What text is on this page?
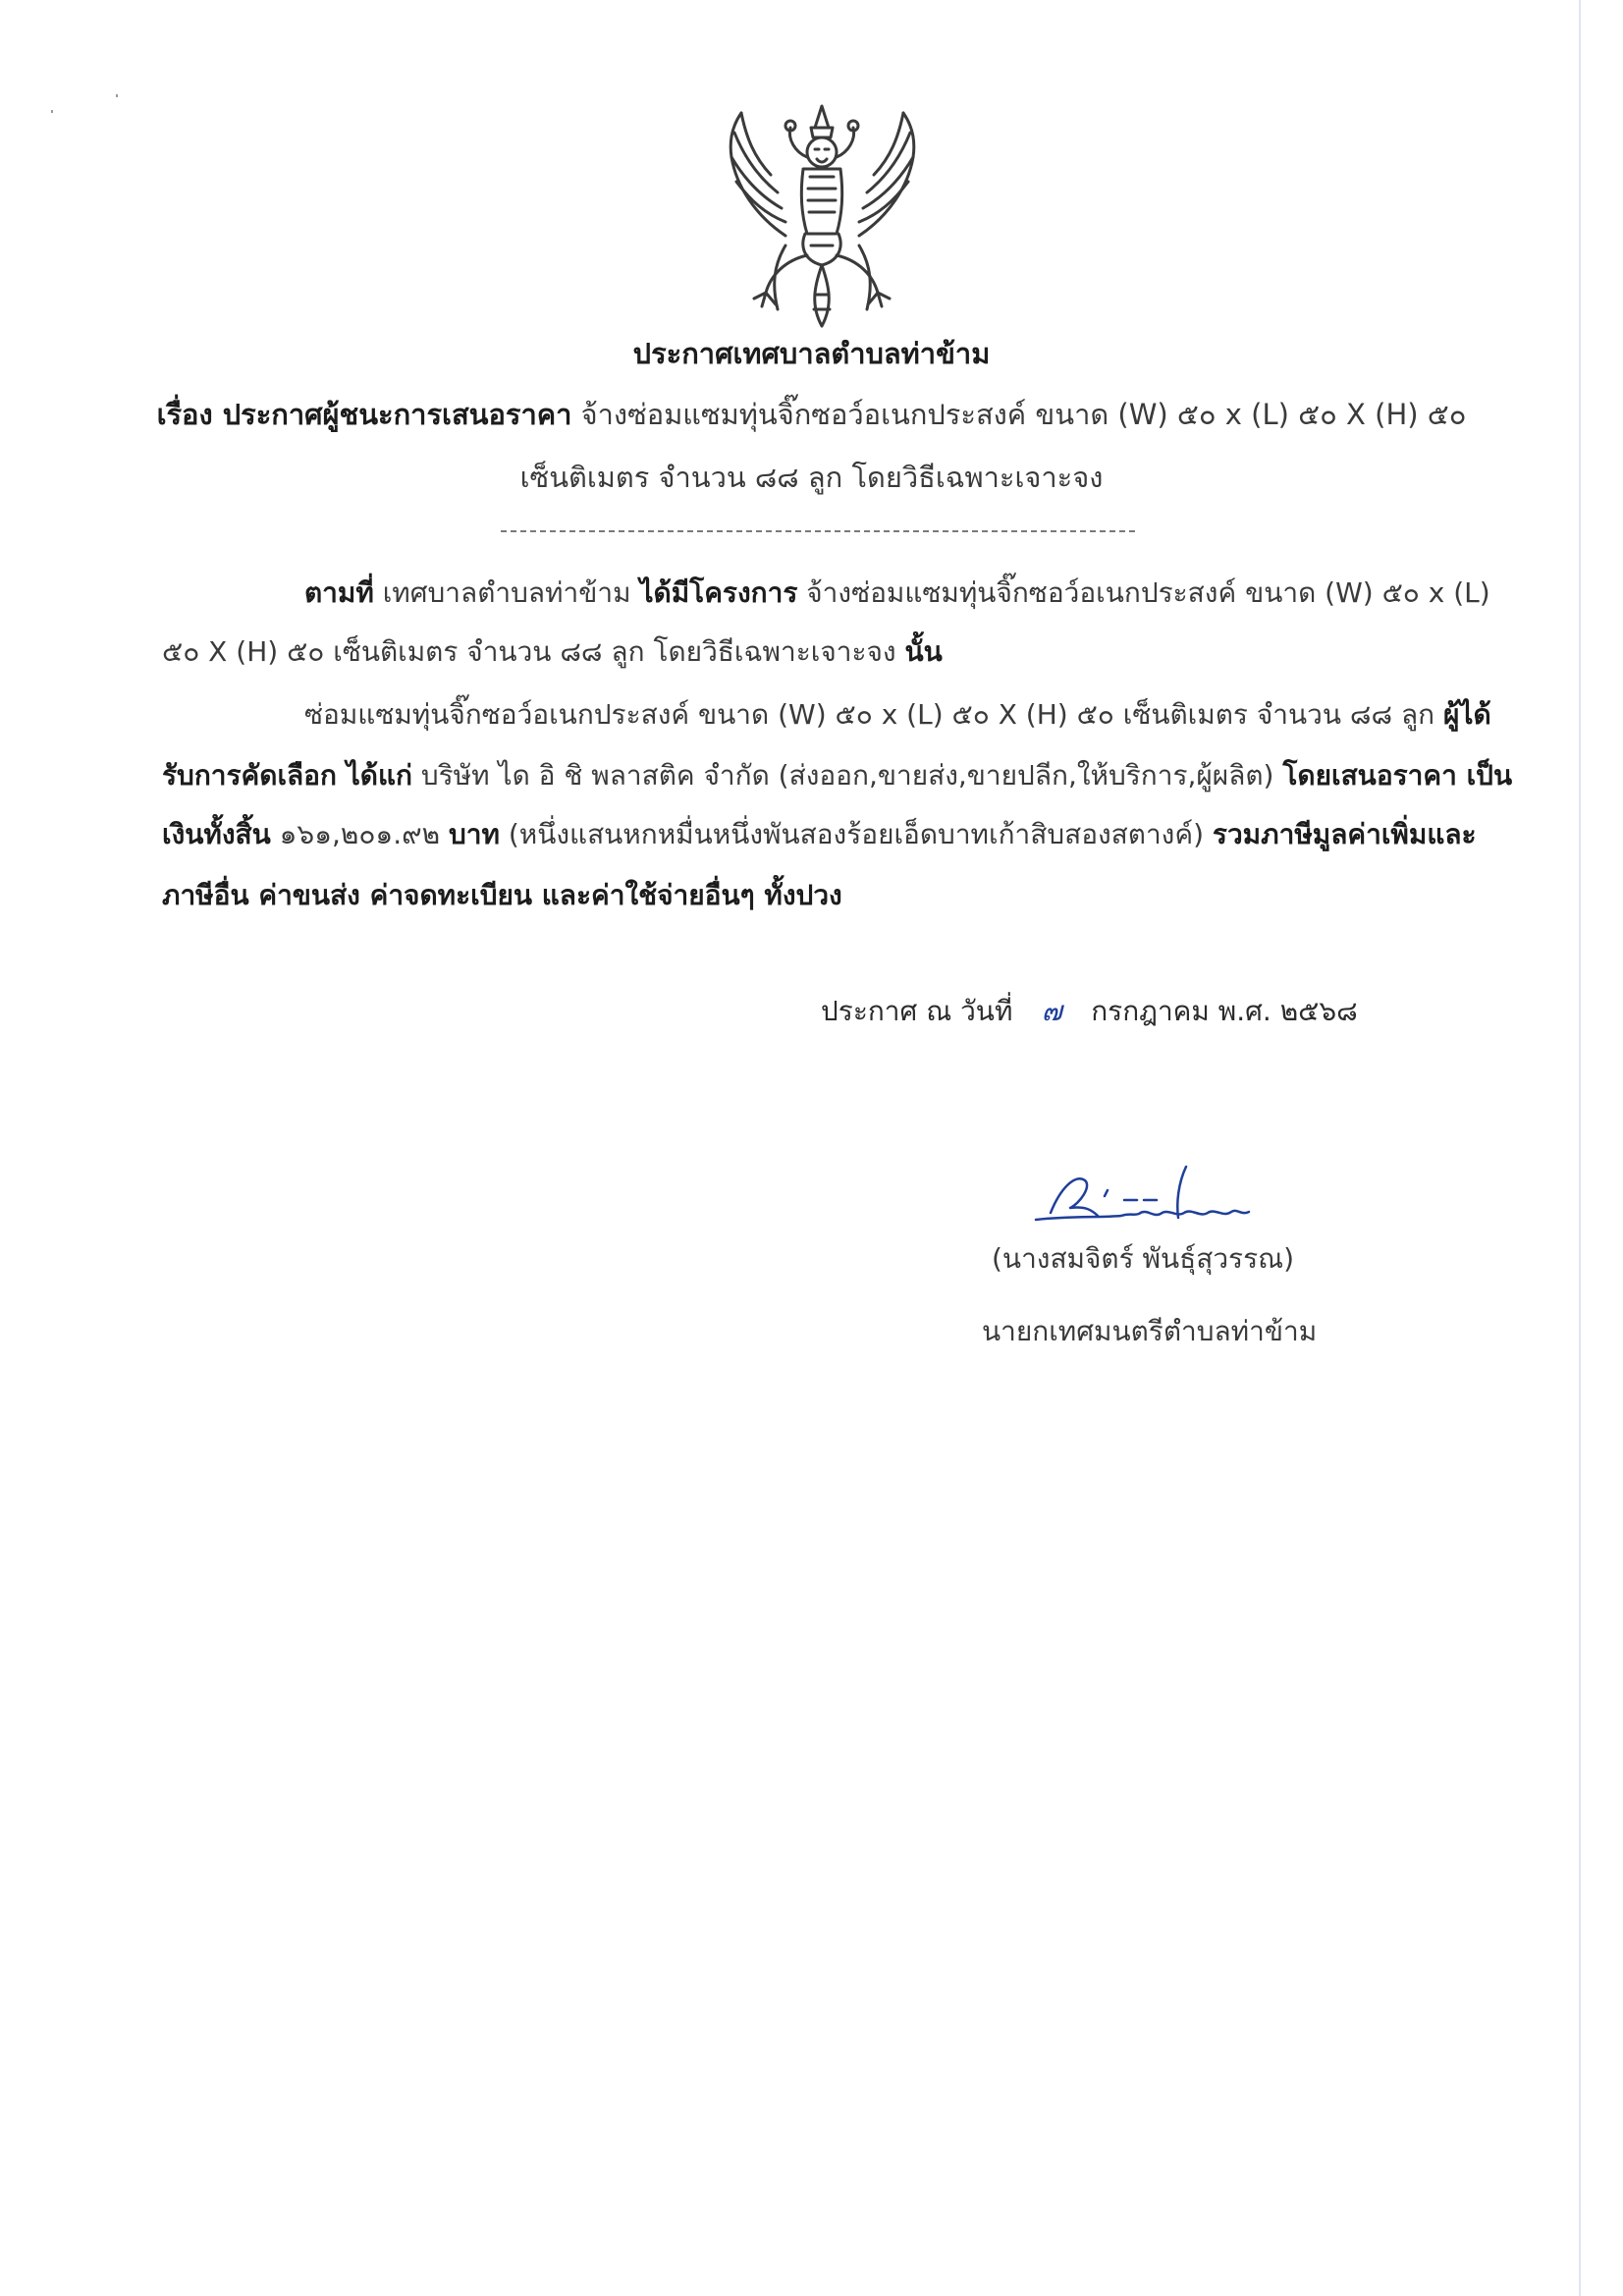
ประกาศเทศบาลตำบลท่าข้าม
เรื่อง ประกาศผู้ชนะการเสนอราคา จ้างซ่อมแซมทุ่นจิ๊กซอว์อเนกประสงค์ ขนาด (W) ๕๐ x (L) ๕๐ X (H) ๕๐
เซ็นติเมตร จำนวน ๘๘ ลูก โดยวิธีเฉพาะเจาะจง
ตามที่ เทศบาลตำบลท่าข้าม ได้มีโครงการ จ้างซ่อมแซมทุ่นจิ๊กซอว์อเนกประสงค์ ขนาด (W) ๕๐ x (L)
๕๐ X (H) ๕๐ เซ็นติเมตร จำนวน ๘๘ ลูก โดยวิธีเฉพาะเจาะจง นั้น
ซ่อมแซมทุ่นจิ๊กซอว์อเนกประสงค์ ขนาด (W) ๕๐ x (L) ๕๐ X (H) ๕๐ เซ็นติเมตร จำนวน ๘๘ ลูก ผู้ได้
รับการคัดเลือก ได้แก่ บริษัท ได อิ ชิ พลาสติค จำกัด (ส่งออก,ขายส่ง,ขายปลีก,ให้บริการ,ผู้ผลิต) โดยเสนอราคา เป็น
เงินทั้งสิ้น ๑๖๑,๒๐๑.๙๒ บาท (หนึ่งแสนหกหมื่นหนึ่งพันสองร้อยเอ็ดบาทเก้าสิบสองสตางค์) รวมภาษีมูลค่าเพิ่มและ
ภาษีอื่น ค่าขนส่ง ค่าจดทะเบียน และค่าใช้จ่ายอื่นๆ ทั้งปวง
ประกาศ ณ วันที่ ๗ กรกฎาคม พ.ศ. ๒๕๖๘
(นางสมจิตร์ พันธุ์สุวรรณ)
นายกเทศมนตรีตำบลท่าข้าม
